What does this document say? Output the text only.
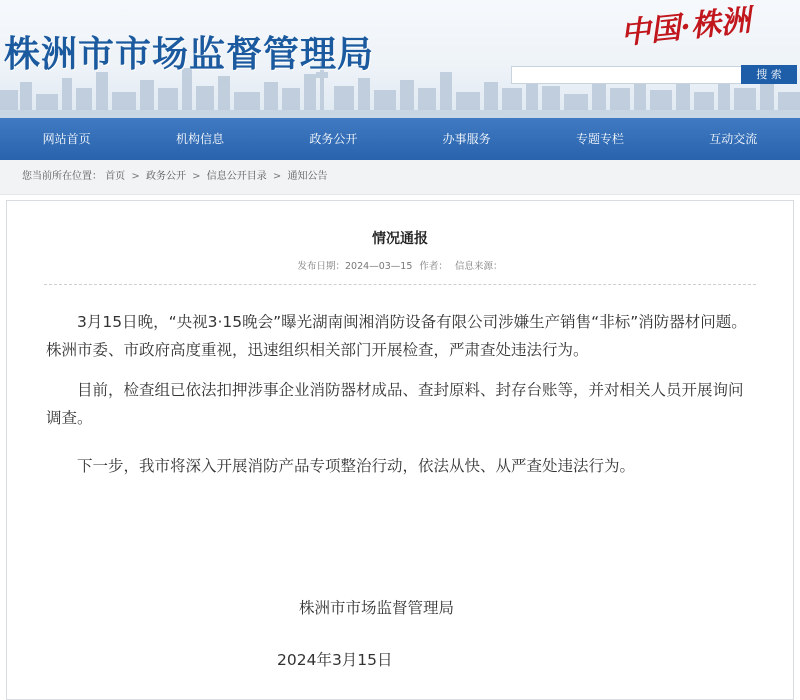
株洲市市场监督管理局
中国·株洲
搜 索
网站首页	机构信息	政务公开	办事服务	专题专栏	互动交流
您当前所在位置： 首页 > 政务公开 > 信息公开目录 > 通知公告
情况通报
发布日期：2024—03—15 作者： 信息来源：

3月15日晚，“央视3·15晚会”曝光湖南闽湘消防设备有限公司涉嫌生产销售“非标”消防器材问题。株洲市委、市政府高度重视，迅速组织相关部门开展检查，严肃查处违法行为。

目前，检查组已依法扣押涉事企业消防器材成品、查封原料、封存台账等，并对相关人员开展询问调查。

下一步，我市将深入开展消防产品专项整治行动，依法从快、从严查处违法行为。

株洲市市场监督管理局
2024年3月15日
